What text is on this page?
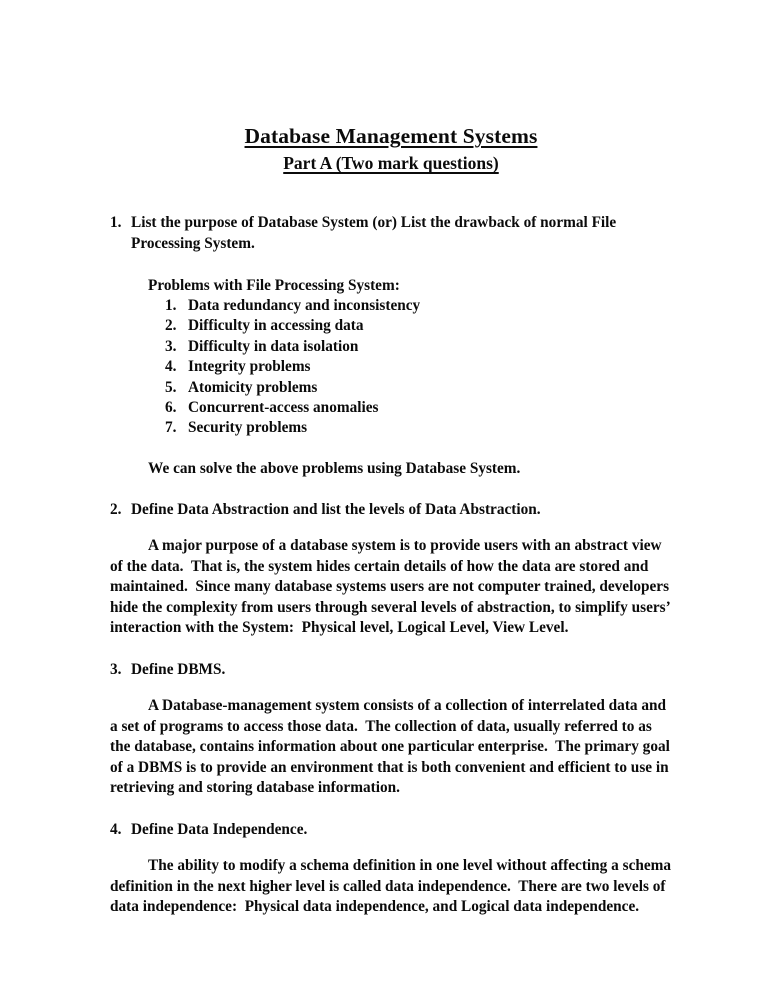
Database Management Systems
Part A (Two mark questions)
1. List the purpose of Database System (or) List the drawback of normal File Processing System.

Problems with File Processing System:

1. Data redundancy and inconsistency
2. Difficulty in accessing data
3. Difficulty in data isolation
4. Integrity problems
5. Atomicity problems
6. Concurrent-access anomalies
7. Security problems

We can solve the above problems using Database System.

2. Define Data Abstraction and list the levels of Data Abstraction.

A major purpose of a database system is to provide users with an abstract view of the data.  That is, the system hides certain details of how the data are stored and maintained.  Since many database systems users are not computer trained, developers hide the complexity from users through several levels of abstraction, to simplify users’ interaction with the System:  Physical level, Logical Level, View Level.

3. Define DBMS.

A Database-management system consists of a collection of interrelated data and a set of programs to access those data.  The collection of data, usually referred to as the database, contains information about one particular enterprise.  The primary goal of a DBMS is to provide an environment that is both convenient and efficient to use in retrieving and storing database information.

4. Define Data Independence.

The ability to modify a schema definition in one level without affecting a schema definition in the next higher level is called data independence.  There are two levels of data independence:  Physical data independence, and Logical data independence.
